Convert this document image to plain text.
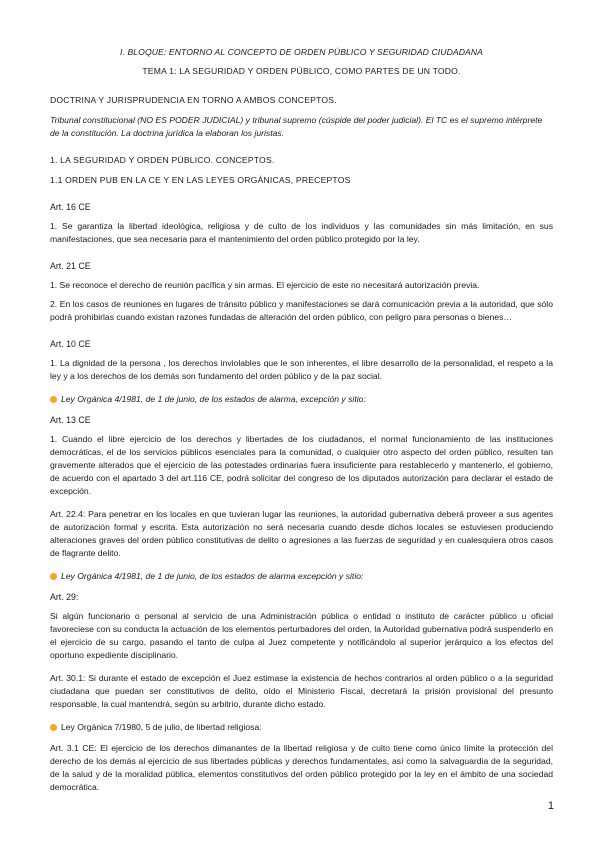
I. BLOQUE: ENTORNO AL CONCEPTO DE ORDEN PÚBLICO Y SEGURIDAD CIUDADANA
TEMA 1: LA SEGURIDAD Y ORDEN PÚBLICO, COMO PARTES DE UN TODO.
DOCTRINA Y JURISPRUDENCIA EN TORNO A AMBOS CONCEPTOS.
Tribunal constitucional (NO ES PODER JUDICIAL) y tribunal supremo (cúspide del poder judicial). El TC es el supremo intérprete de la constitución. La doctrina jurídica la elaboran los juristas.
1. LA SEGURIDAD Y ORDEN PÚBLICO. CONCEPTOS.
1.1 ORDEN PUB EN LA CE Y EN LAS LEYES ORGÁNICAS, PRECEPTOS
Art. 16 CE

1. Se garantiza la libertad ideológica, religiosa y de culto de los individuos y las comunidades sin más limitación, en sus manifestaciones, que sea necesaria para el mantenimiento del orden público protegido por la ley.

Art. 21 CE

1. Se reconoce el derecho de reunión pacífica y sin armas. El ejercicio de este no necesitará autorización previa.

2. En los casos de reuniones en lugares de tránsito público y manifestaciones se dará comunicación previa a la autoridad, que sólo podrá prohibirlas cuando existan razones fundadas de alteración del orden público, con peligro para personas o bienes…

Art. 10 CE

1. La dignidad de la persona , los derechos inviolables que le son inherentes, el libre desarrollo de la personalidad, el respeto a la ley y a los derechos de los demás son fundamento del orden público y de la paz social.

Ley Orgánica 4/1981, de 1 de junio, de los estados de alarma, excepción y sitio:
Art. 13 CE

1. Cuando el libre ejercicio de los derechos y libertades de los ciudadanos, el normal funcionamiento de las instituciones democráticas, el de los servicios públicos esenciales para la comunidad, o cualquier otro aspecto del orden público, resulten tan gravemente alterados que el ejercicio de las potestades ordinarias fuera insuficiente para restablecerlo y mantenerlo, el gobierno, de acuerdo con el apartado 3 del art.116 CE, podrá solicitar del congreso de los diputados autorización para declarar el estado de excepción.

Art. 22.4: Para penetrar en los locales en que tuvieran lugar las reuniones, la autoridad gubernativa deberá proveer a sus agentes de autorización formal y escrita. Esta autorización no será necesaria cuando desde dichos locales se estuviesen produciendo alteraciones graves del orden público constitutivas de delito o agresiones a las fuerzas de seguridad y en cualesquiera otros casos de flagrante delito.

Ley Orgánica 4/1981, de 1 de junio, de los estados de alarma excepción y sitio:
Art. 29:

Si algún funcionario o personal al servicio de una Administración pública o entidad o instituto de carácter público u oficial favoreciese con su conducta la actuación de los elementos perturbadores del orden, la Autoridad gubernativa podrá suspenderlo en el ejercicio de su cargo, pasando el tanto de culpa al Juez competente y notificándolo al superior jerárquico a los efectos del oportuno expediente disciplinario.

Art. 30.1: Si durante el estado de excepción el Juez estimase la existencia de hechos contrarios al orden público o a la seguridad ciudadana que puedan ser constitutivos de delito, oído el Ministerio Fiscal, decretará la prisión provisional del presunto responsable, la cual mantendrá, según su arbitrio, durante dicho estado.

Ley Orgánica 7/1980, 5 de julio, de libertad religiosa:

Art. 3.1 CE: El ejercicio de los derechos dimanantes de la libertad religiosa y de culto tiene como único límite la protección del derecho de los demás al ejercicio de sus libertades públicas y derechos fundamentales, así como la salvaguardia de la seguridad, de la salud y de la moralidad pública, elementos constitutivos del orden público protegido por la ley en el ámbito de una sociedad democrática.

1
